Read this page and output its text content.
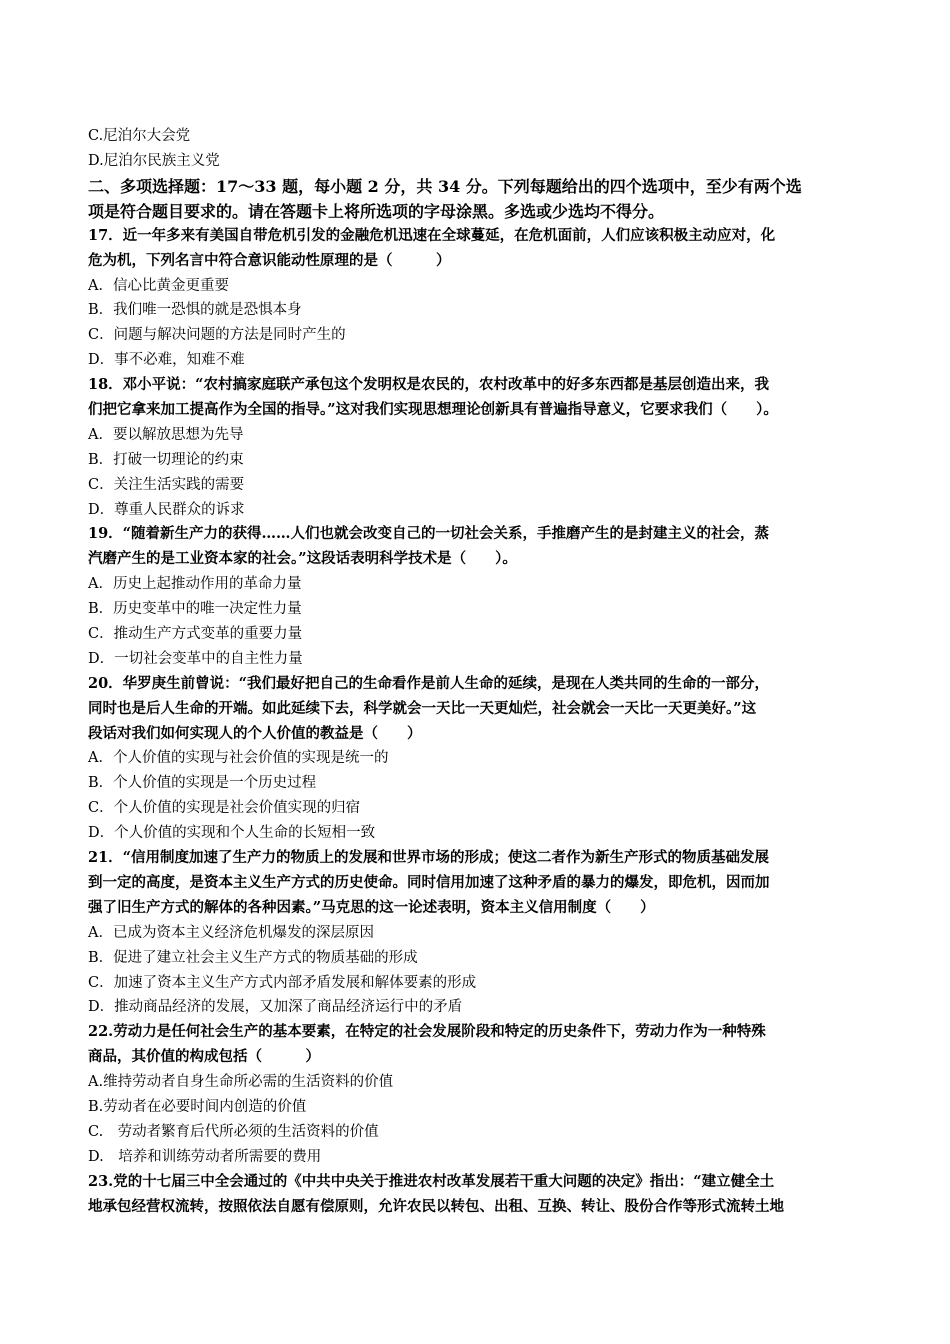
C.尼泊尔大会党
D.尼泊尔民族主义党
二、多项选择题：17～33 题，每小题 2 分，共 34 分。下列每题给出的四个选项中，至少有两个选
项是符合题目要求的。请在答题卡上将所选项的字母涂黑。多选或少选均不得分。
17．近一年多来有美国自带危机引发的金融危机迅速在全球蔓延，在危机面前，人们应该积极主动应对，化
危为机，下列名言中符合意识能动性原理的是（　　　）
A．信心比黄金更重要
B．我们唯一恐惧的就是恐惧本身
C．问题与解决问题的方法是同时产生的
D．事不必难，知难不难
18．邓小平说：“农村搞家庭联产承包这个发明权是农民的，农村改革中的好多东西都是基层创造出来，我
们把它拿来加工提高作为全国的指导。”这对我们实现思想理论创新具有普遍指导意义，它要求我们（　　）。
A．要以解放思想为先导
B．打破一切理论的约束
C．关注生活实践的需要
D．尊重人民群众的诉求
19．“随着新生产力的获得……人们也就会改变自己的一切社会关系，手推磨产生的是封建主义的社会，蒸
汽磨产生的是工业资本家的社会。”这段话表明科学技术是（　　）。
A．历史上起推动作用的革命力量
B．历史变革中的唯一决定性力量
C．推动生产方式变革的重要力量
D．一切社会变革中的自主性力量
20．华罗庚生前曾说：“我们最好把自己的生命看作是前人生命的延续，是现在人类共同的生命的一部分，
同时也是后人生命的开端。如此延续下去，科学就会一天比一天更灿烂，社会就会一天比一天更美好。”这
段话对我们如何实现人的个人价值的教益是（　　）
A．个人价值的实现与社会价值的实现是统一的
B．个人价值的实现是一个历史过程
C．个人价值的实现是社会价值实现的归宿
D．个人价值的实现和个人生命的长短相一致
21．“信用制度加速了生产力的物质上的发展和世界市场的形成；使这二者作为新生产形式的物质基础发展
到一定的高度，是资本主义生产方式的历史使命。同时信用加速了这种矛盾的暴力的爆发，即危机，因而加
强了旧生产方式的解体的各种因素。”马克思的这一论述表明，资本主义信用制度（　　）
A．已成为资本主义经济危机爆发的深层原因
B．促进了建立社会主义生产方式的物质基础的形成
C．加速了资本主义生产方式内部矛盾发展和解体要素的形成
D．推动商品经济的发展，又加深了商品经济运行中的矛盾
22.劳动力是任何社会生产的基本要素，在特定的社会发展阶段和特定的历史条件下，劳动力作为一种特殊
商品，其价值的构成包括（　　　）
A.维持劳动者自身生命所必需的生活资料的价值
B.劳动者在必要时间内创造的价值
C.　劳动者繁育后代所必须的生活资料的价值
D.　培养和训练劳动者所需要的费用
23.党的十七届三中全会通过的《中共中央关于推进农村改革发展若干重大问题的决定》指出：“建立健全土
地承包经营权流转，按照依法自愿有偿原则，允许农民以转包、出租、互换、转让、股份合作等形式流转土地
